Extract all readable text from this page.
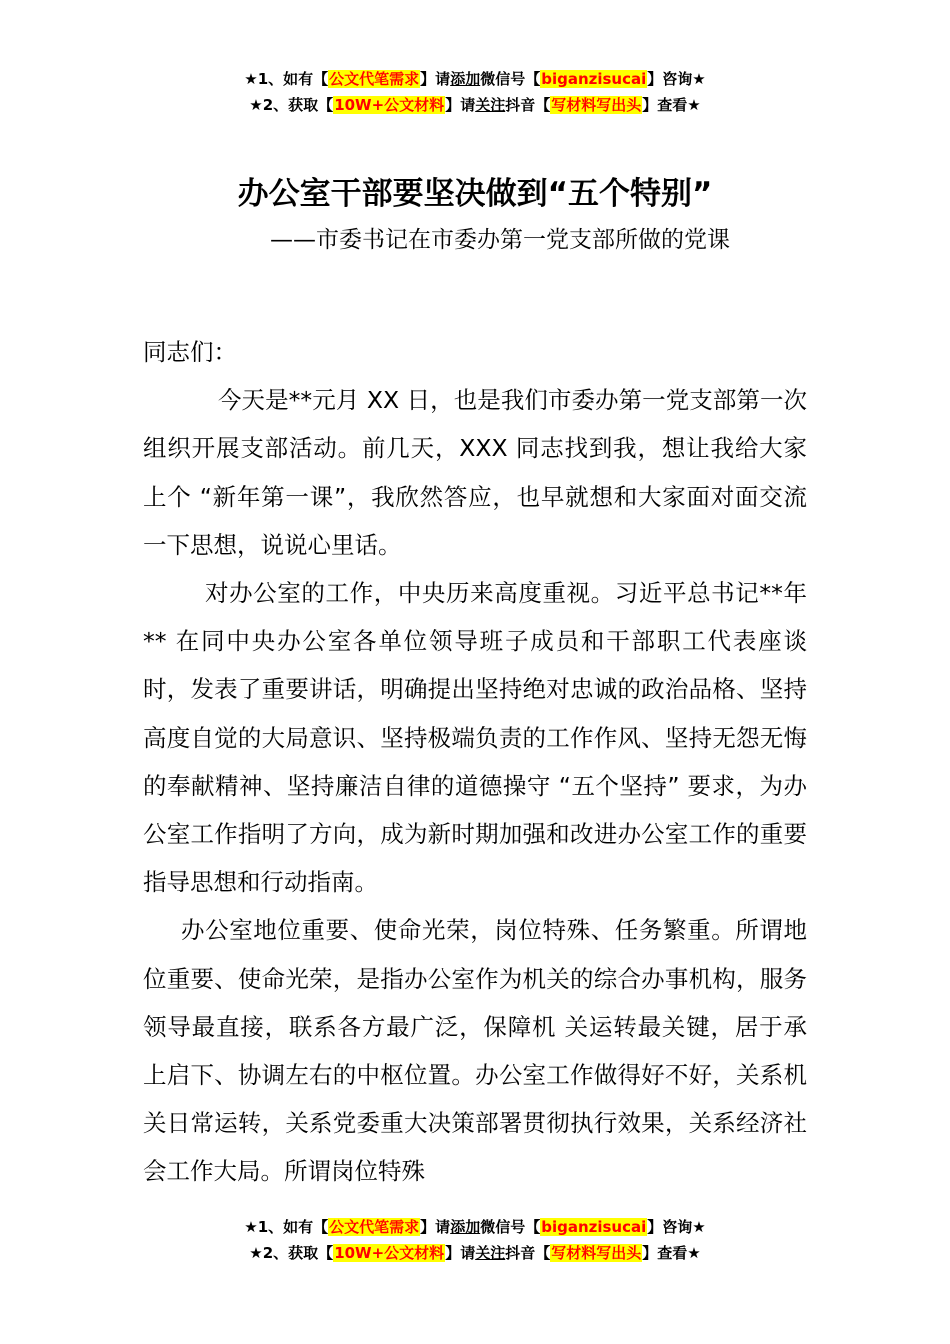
★1、如有【公文代笔需求】请添加微信号【biganzisucai】咨询★
★2、获取【10W+公文材料】请关注抖音【写材料写出头】查看★
办公室干部要坚决做到“五个特别”
——市委书记在市委办第一党支部所做的党课

同志们：

今天是**元月 XX 日，也是我们市委办第一党支部第一次组织开展支部活动。前几天，XXX 同志找到我，想让我给大家上个 “新年第一课”，我欣然答应，也早就想和大家面对面交流一下思想，说说心里话。

对办公室的工作，中央历来高度重视。习近平总书记**年** 在同中央办公室各单位领导班子成员和干部职工代表座谈时，发表了重要讲话，明确提出坚持绝对忠诚的政治品格、坚持高度自觉的大局意识、坚持极端负责的工作作风、坚持无怨无悔的奉献精神、坚持廉洁自律的道德操守 “五个坚持” 要求，为办公室工作指明了方向，成为新时期加强和改进办公室工作的重要指导思想和行动指南。

办公室地位重要、使命光荣，岗位特殊、任务繁重。所谓地位重要、使命光荣，是指办公室作为机关的综合办事机构，服务领导最直接，联系各方最广泛，保障机 关运转最关键，居于承上启下、协调左右的中枢位置。办公室工作做得好不好，关系机关日常运转，关系党委重大决策部署贯彻执行效果，关系经济社会工作大局。所谓岗位特殊

★1、如有【公文代笔需求】请添加微信号【biganzisucai】咨询★
★2、获取【10W+公文材料】请关注抖音【写材料写出头】查看★
